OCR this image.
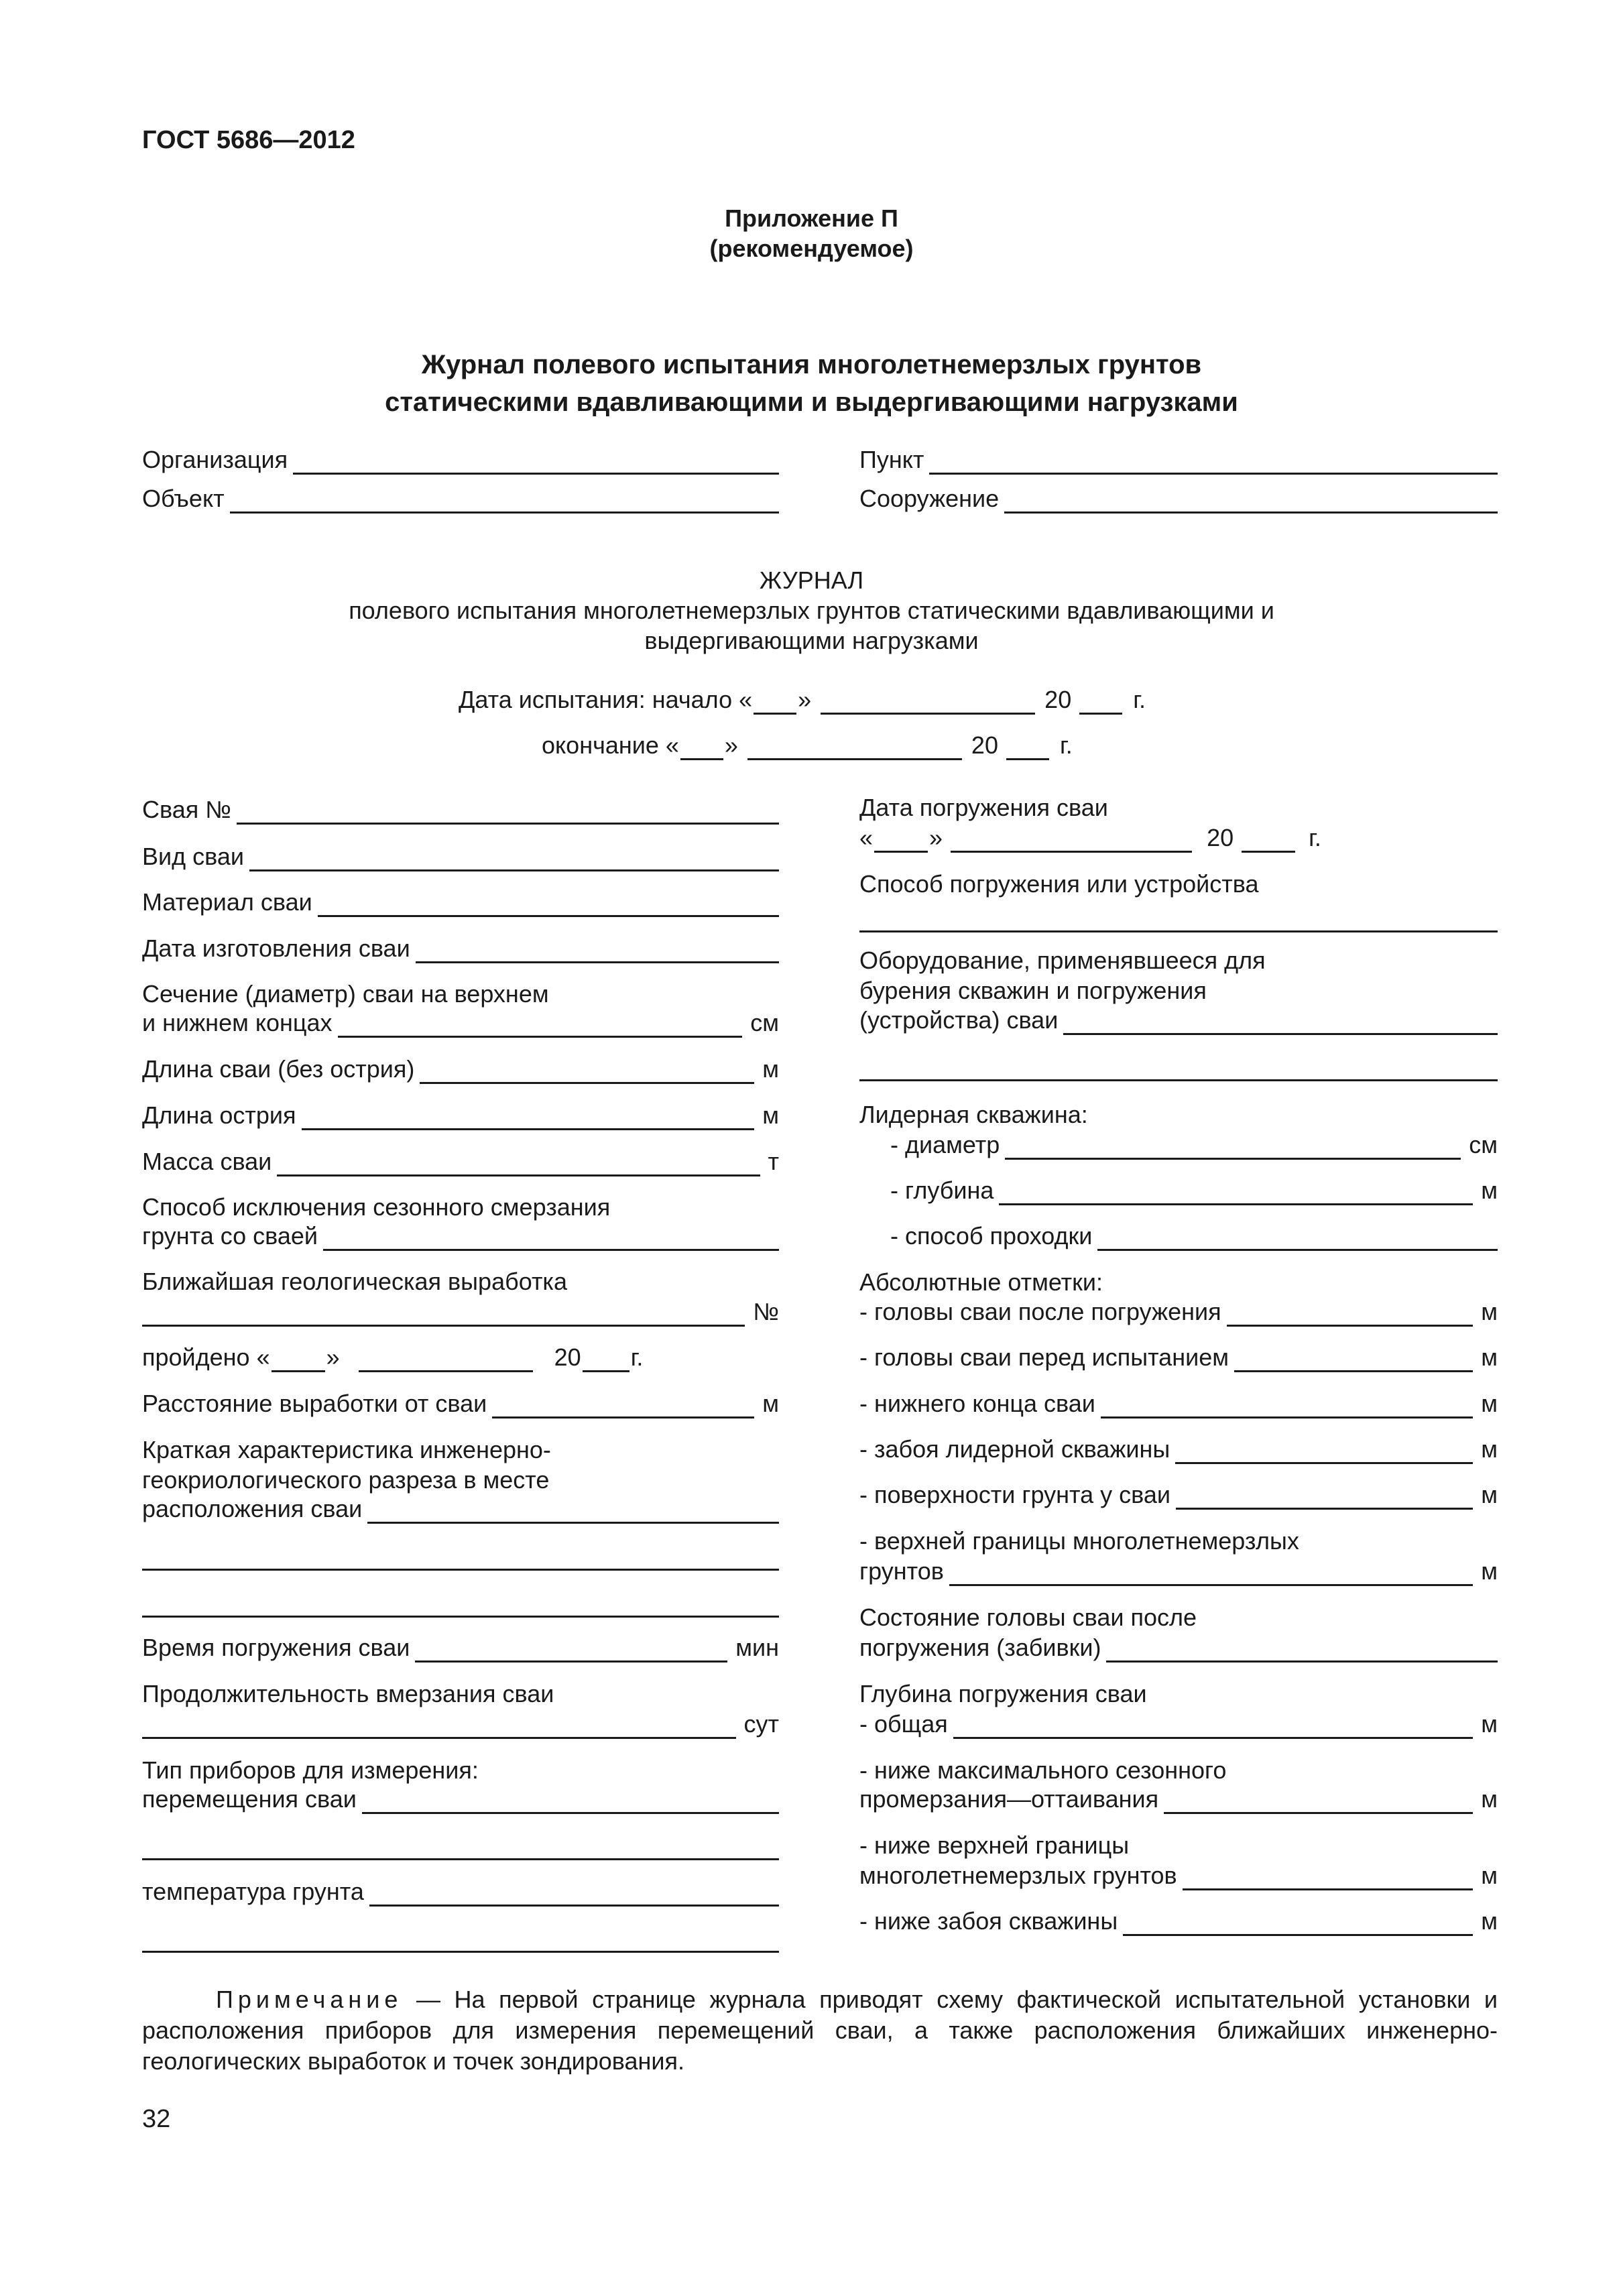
ГОСТ 5686—2012
Приложение П
(рекомендуемое)
Журнал полевого испытания многолетнемерзлых грунтов
статическими вдавливающими и выдергивающими нагрузками
Организация	Пункт
Объект	Сооружение
ЖУРНАЛ
полевого испытания многолетнемерзлых грунтов статическими вдавливающими и
выдергивающими нагрузками
Дата испытания: начало « »	20	г.
окончание « »	20	г.
Свая №
Вид сваи
Материал сваи
Дата изготовления сваи
Сечение (диаметр) сваи на верхнем
и нижнем концах	см
Длина сваи (без острия)	м
Длина острия	м
Масса сваи	т
Способ исключения сезонного смерзания
грунта со сваей
Ближайшая геологическая выработка
№
пройдено « »	20 г.
Расстояние выработки от сваи	м
Краткая характеристика инженерно-
геокриологического разреза в месте
расположения сваи
Время погружения сваи	мин
Продолжительность вмерзания сваи
сут
Тип приборов для измерения:
перемещения сваи
температура грунта
Дата погружения сваи
« »	20	г.
Способ погружения или устройства
Оборудование, применявшееся для
бурения скважин и погружения
(устройства) сваи
Лидерная скважина:
- диаметр	см
- глубина	м
- способ проходки
Абсолютные отметки:
- головы сваи после погружения	м
- головы сваи перед испытанием	м
- нижнего конца сваи	м
- забоя лидерной скважины	м
- поверхности грунта у сваи	м
- верхней границы многолетнемерзлых
грунтов	м
Состояние головы сваи после
погружения (забивки)
Глубина погружения сваи
- общая	м
- ниже максимального сезонного
промерзания—оттаивания	м
- ниже верхней границы
многолетнемерзлых грунтов	м
- ниже забоя скважины	м
Примечание — На первой странице журнала приводят схему фактической испытательной установки и расположения приборов для измерения перемещений сваи, а также расположения ближайших инженерно-геологических выработок и точек зондирования.
32
